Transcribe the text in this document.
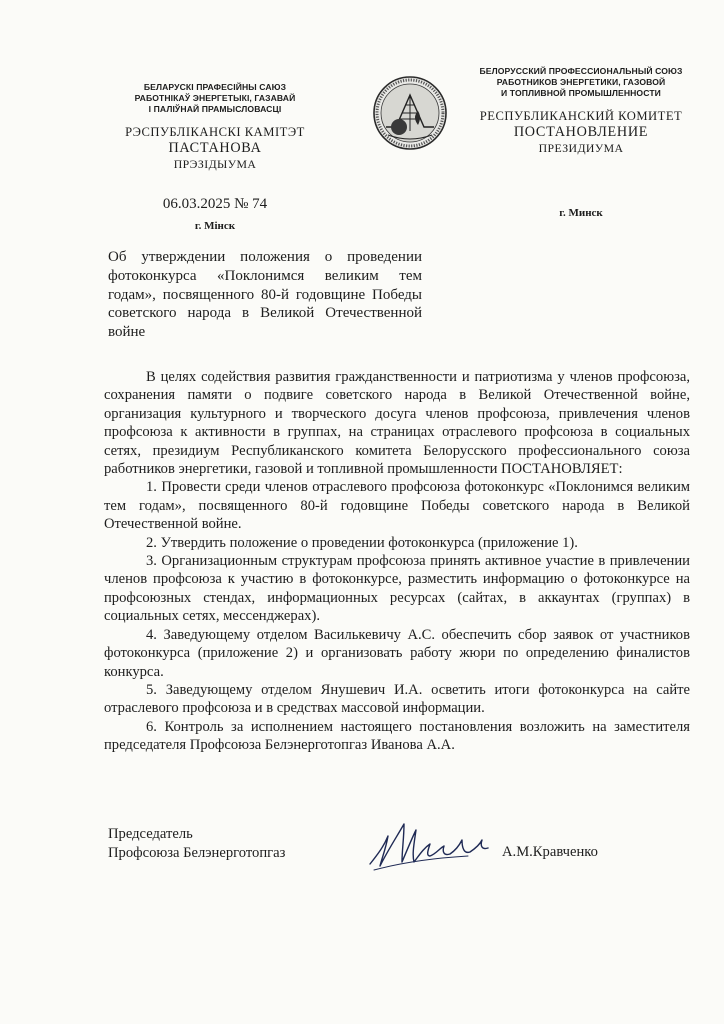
БЕЛАРУСКІ ПРАФЕСІЙНЫ САЮЗ
РАБОТНІКАЎ ЭНЕРГЕТЫКІ, ГАЗАВАЙ
І ПАЛІЎНАЙ ПРАМЫСЛОВАСЦІ
РЭСПУБЛІКАНСКІ КАМІТЭТ
ПАСТАНОВА
ПРЭЗІДЫУМА
БЕЛОРУССКИЙ ПРОФЕССИОНАЛЬНЫЙ СОЮЗ
РАБОТНИКОВ ЭНЕРГЕТИКИ, ГАЗОВОЙ
И ТОПЛИВНОЙ ПРОМЫШЛЕННОСТИ
РЕСПУБЛИКАНСКИЙ КОМИТЕТ
ПОСТАНОВЛЕНИЕ
ПРЕЗИДИУМА
06.03.2025 № 74
г. Мінск
г. Минск
Об утверждении положения о проведении фотоконкурса «Поклонимся великим тем годам», посвященного 80-й годовщине Победы советского народа в Великой Отечественной войне

В целях содействия развития гражданственности и патриотизма у членов профсоюза, сохранения памяти о подвиге советского народа в Великой Отечественной войне, организация культурного и творческого досуга членов профсоюза, привлечения членов профсоюза к активности в группах, на страницах отраслевого профсоюза в социальных сетях, президиум Республиканского комитета Белорусского профессионального союза работников энергетики, газовой и топливной промышленности ПОСТАНОВЛЯЕТ:

1. Провести среди членов отраслевого профсоюза фотоконкурс «Поклонимся великим тем годам», посвященного 80-й годовщине Победы советского народа в Великой Отечественной войне.

2. Утвердить положение о проведении фотоконкурса (приложение 1).

3. Организационным структурам профсоюза принять активное участие в привлечении членов профсоюза к участию в фотоконкурсе, разместить информацию о фотоконкурсе на профсоюзных стендах, информационных ресурсах (сайтах, в аккаунтах (группах) в социальных сетях, мессенджерах).

4. Заведующему отделом Василькевичу А.С. обеспечить сбор заявок от участников фотоконкурса (приложение 2) и организовать работу жюри по определению финалистов конкурса.

5. Заведующему отделом Янушевич И.А. осветить итоги фотоконкурса на сайте отраслевого профсоюза и в средствах массовой информации.

6. Контроль за исполнением настоящего постановления возложить на заместителя председателя Профсоюза Белэнерготопгаз Иванова А.А.

Председатель
Профсоюза Белэнерготопгаз	А.М.Кравченко
